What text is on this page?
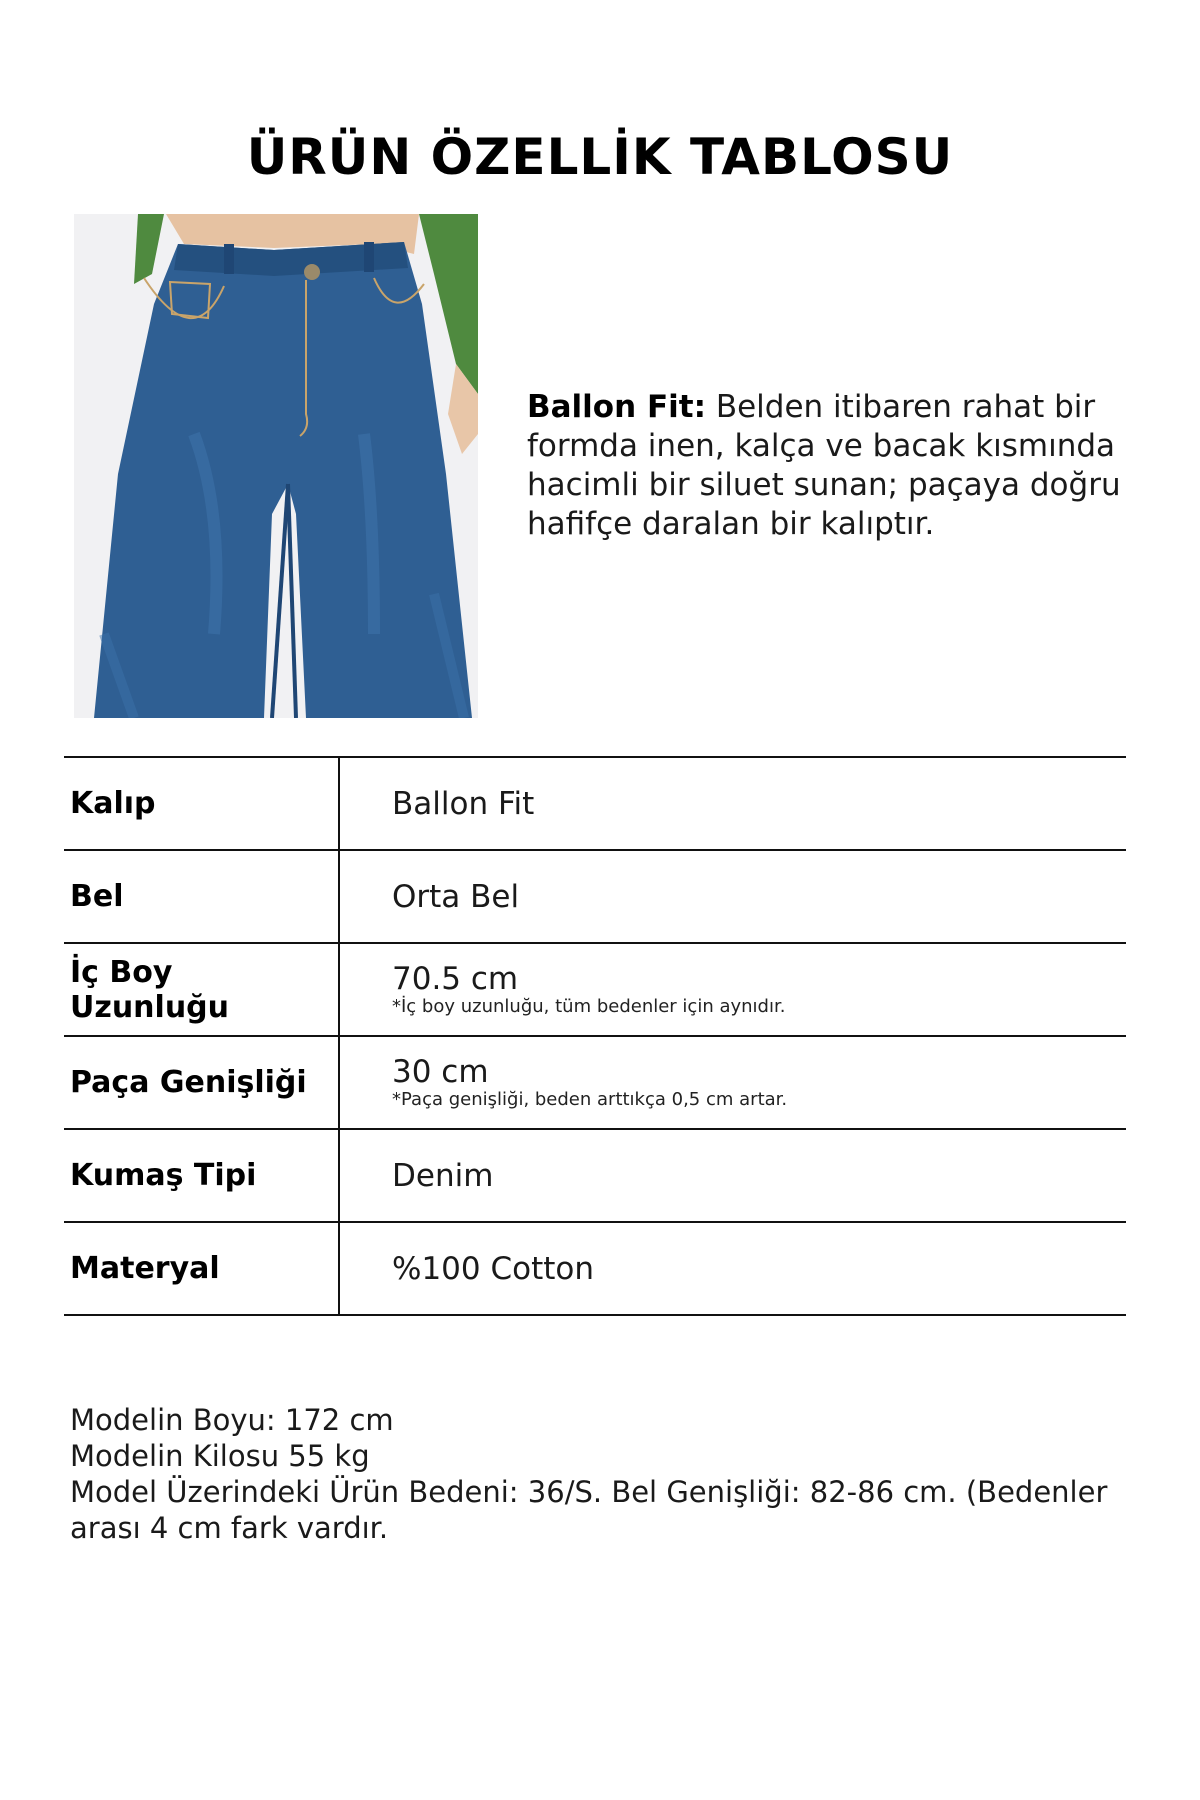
ÜRÜN ÖZELLİK TABLOSU

Ballon Fit: Belden itibaren rahat bir formda inen, kalça ve bacak kısmında hacimli bir siluet sunan; paçaya doğru hafifçe daralan bir kalıptır.

Kalıp	Ballon Fit

Bel	Orta Bel

İç Boy Uzunluğu	70.5 cm
*İç boy uzunluğu, tüm bedenler için aynıdır.

Paça Genişliği	30 cm
*Paça genişliği, beden arttıkça 0,5 cm artar.

Kumaş Tipi	Denim

Materyal	%100 Cotton

Modelin Boyu: 172 cm

Modelin Kilosu 55 kg

Model Üzerindeki Ürün Bedeni: 36/S. Bel Genişliği: 82-86 cm. (Bedenler arası 4 cm fark vardır.
